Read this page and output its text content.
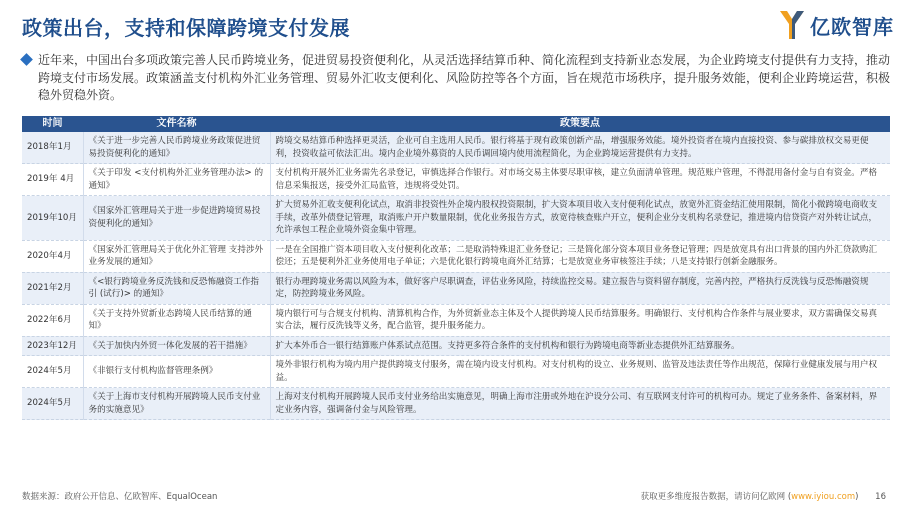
政策出台，支持和保障跨境支付发展	亿欧智库
近年来，中国出台多项政策完善人民币跨境业务，促进贸易投资便利化，从灵活选择结算币种、简化流程到支持新业态发展，为企业跨境支付提供有力支持，推动跨境支付市场发展。政策涵盖支付机构外汇业务管理、贸易外汇收支便利化、风险防控等各个方面，旨在规范市场秩序，提升服务效能，便利企业跨境运营，积极稳外贸稳外资。
时间	文件名称	政策要点
2018年1月	《关于进一步完善人民币跨境业务政策促进贸易投资便利化的通知》	跨境交易结算币种选择更灵活，企业可自主选用人民币。银行将基于现有政策创新产品，增强服务效能。境外投资者在境内直接投资、参与碳排放权交易更便利，投资收益可依法汇出。境内企业境外募资的人民币调回境内使用流程简化，为企业跨境运营提供有力支持。
2019年 4月	《关于印发 <支付机构外汇业务管理办法> 的通知》	支付机构开展外汇业务需先名录登记，审慎选择合作银行。对市场交易主体要尽职审核，建立负面清单管理。规范账户管理，不得混用备付金与自有资金。严格信息采集报送，接受外汇局监管，违规将受处罚。
2019年10月	《国家外汇管理局关于进一步促进跨境贸易投资便利化的通知》	扩大贸易外汇收支便利化试点，取消非投资性外企境内股权投资限制，扩大资本项目收入支付便利化试点，放宽外汇资金结汇使用限制，简化小微跨境电商收支手续，改革外债登记管理，取消账户开户数量限制，优化业务报告方式，放宽待核查账户开立，便利企业分支机构名录登记，推进境内信贷资产对外转让试点，允许承包工程企业境外资金集中管理。
2020年4月	《国家外汇管理局关于优化外汇管理 支持涉外业务发展的通知》	一是在全国推广资本项目收入支付便利化改革；二是取消特殊退汇业务登记；三是简化部分资本项目业务登记管理；四是放宽具有出口背景的国内外汇贷款购汇偿还；五是便利外汇业务使用电子单证；六是优化银行跨境电商外汇结算；七是放宽业务审核签注手续；八是支持银行创新金融服务。
2021年2月	《<银行跨境业务反洗钱和反恐怖融资工作指引 (试行)> 的通知》	银行办理跨境业务需以风险为本，做好客户尽职调查，评估业务风险，持续监控交易。建立报告与资料留存制度，完善内控，严格执行反洗钱与反恐怖融资规定，防控跨境业务风险。
2022年6月	《关于支持外贸新业态跨境人民币结算的通知》	境内银行可与合规支付机构、清算机构合作，为外贸新业态主体及个人提供跨境人民币结算服务。明确银行、支付机构合作条件与展业要求，双方需确保交易真实合法，履行反洗钱等义务，配合监管，提升服务能力。
2023年12月	《关于加快内外贸一体化发展的若干措施》	扩大本外币合一银行结算账户体系试点范围。支持更多符合条件的支付机构和银行为跨境电商等新业态提供外汇结算服务。
2024年5月	《非银行支付机构监督管理条例》	境外非银行机构为境内用户提供跨境支付服务，需在境内设支付机构。对支付机构的设立、业务规则、监管及违法责任等作出规范，保障行业健康发展与用户权益。
2024年5月	《关于上海市支付机构开展跨境人民币支付业务的实施意见》	上海对支付机构开展跨境人民币支付业务给出实施意见，明确上海市注册或外地在沪设分公司、有互联网支付许可的机构可办。规定了业务条件、备案材料，界定业务内容，强调备付金与风险管理。
数据来源：政府公开信息、亿欧智库、EqualOcean	获取更多维度报告数据，请访问亿欧网 (www.iyiou.com) 16
